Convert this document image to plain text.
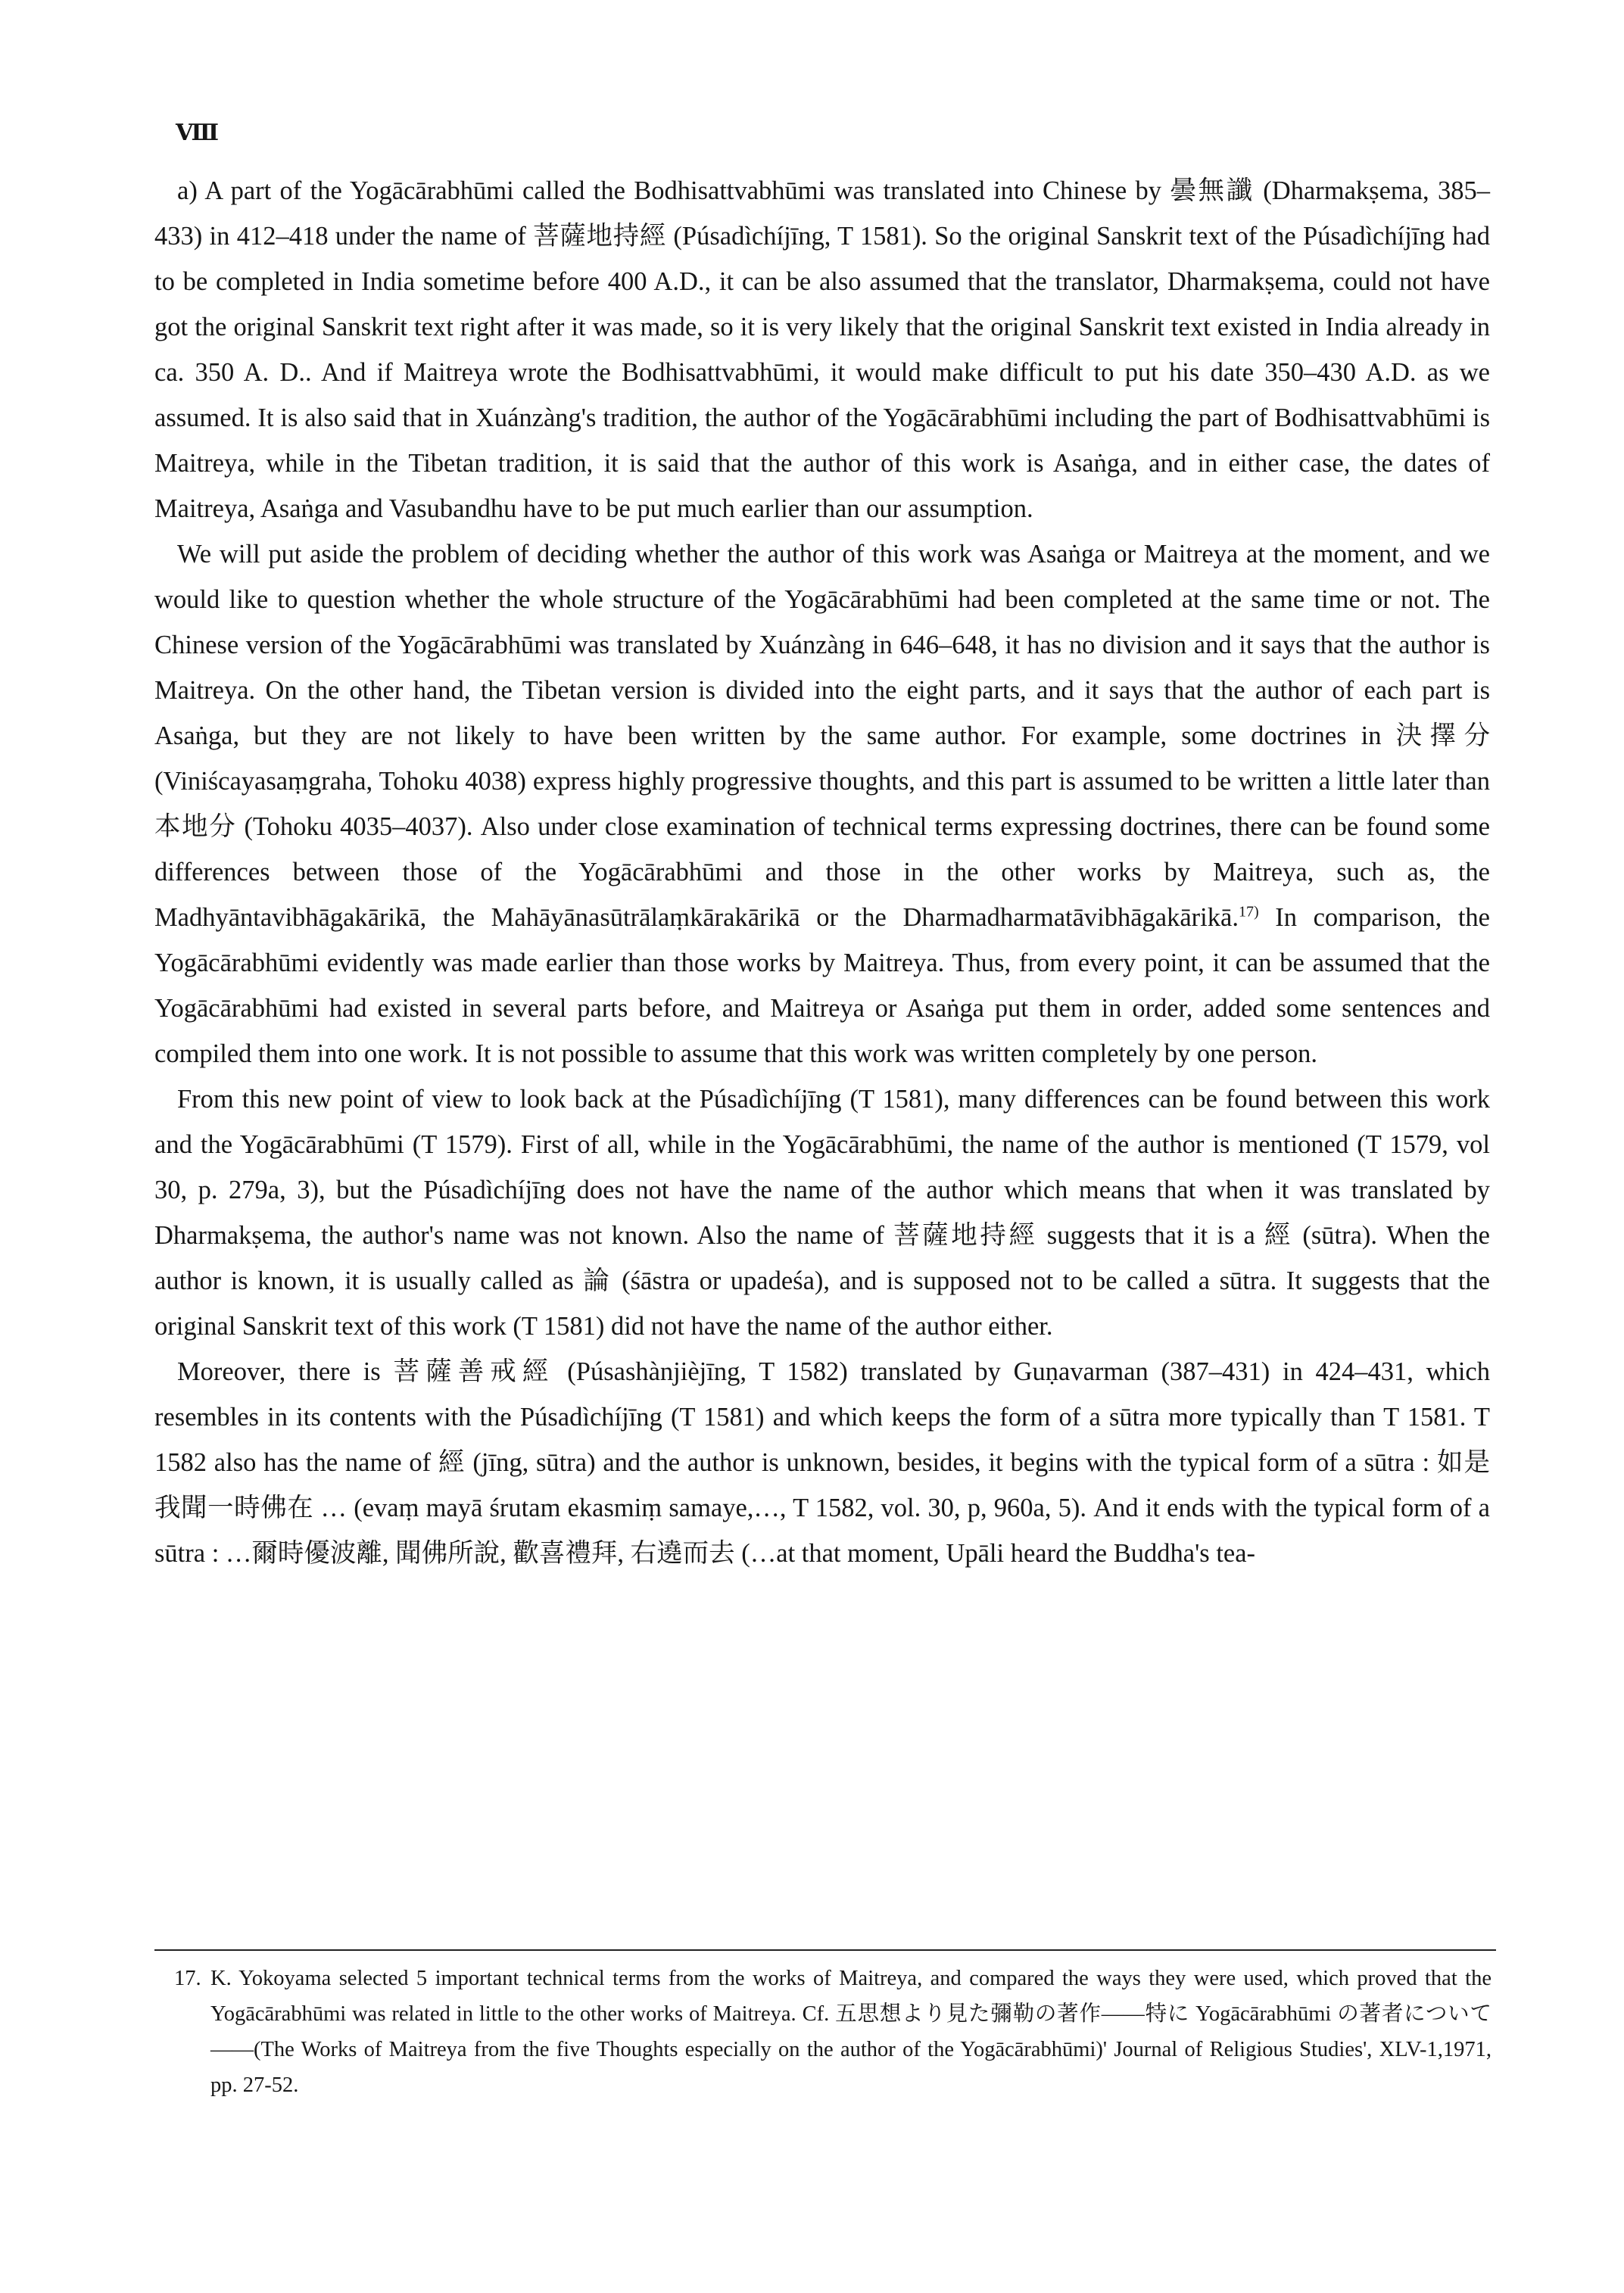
Ⅷ

a) A part of the Yogācārabhūmi called the Bodhisattvabhūmi was translated into Chinese by 曇無讖 (Dharmakṣema, 385–433) in 412–418 under the name of 菩薩地持經 (Púsadìchíjīng, T 1581). So the original Sanskrit text of the Púsadìchíjīng had to be completed in India sometime before 400 A.D., it can be also assumed that the translator, Dharmakṣema, could not have got the original Sanskrit text right after it was made, so it is very likely that the original Sanskrit text existed in India already in ca. 350 A. D.. And if Maitreya wrote the Bodhisattvabhūmi, it would make difficult to put his date 350–430 A.D. as we assumed. It is also said that in Xuánzàng's tradition, the author of the Yogācārabhūmi including the part of Bodhisattvabhūmi is Maitreya, while in the Tibetan tradition, it is said that the author of this work is Asaṅga, and in either case, the dates of Maitreya, Asaṅga and Vasubandhu have to be put much earlier than our assumption.

We will put aside the problem of deciding whether the author of this work was Asaṅga or Maitreya at the moment, and we would like to question whether the whole structure of the Yogācārabhūmi had been completed at the same time or not. The Chinese version of the Yogācārabhūmi was translated by Xuánzàng in 646–648, it has no division and it says that the author is Maitreya. On the other hand, the Tibetan version is divided into the eight parts, and it says that the author of each part is Asaṅga, but they are not likely to have been written by the same author. For example, some doctrines in 決擇分 (Viniścayasaṃgraha, Tohoku 4038) express highly progressive thoughts, and this part is assumed to be written a little later than 本地分 (Tohoku 4035–4037). Also under close examination of technical terms expressing doctrines, there can be found some differences between those of the Yogācārabhūmi and those in the other works by Maitreya, such as, the Madhyāntavibhāgakārikā, the Mahāyānasūtrālaṃkārakārikā or the Dharmadharmatāvibhāgakārikā.$^{17)}$ In comparison, the Yogācārabhūmi evidently was made earlier than those works by Maitreya. Thus, from every point, it can be assumed that the Yogācārabhūmi had existed in several parts before, and Maitreya or Asaṅga put them in order, added some sentences and compiled them into one work. It is not possible to assume that this work was written completely by one person.

From this new point of view to look back at the Púsadìchíjīng (T 1581), many differences can be found between this work and the Yogācārabhūmi (T 1579). First of all, while in the Yogācārabhūmi, the name of the author is mentioned (T 1579, vol 30, p. 279a, 3), but the Púsadìchíjīng does not have the name of the author which means that when it was translated by Dharmakṣema, the author's name was not known. Also the name of 菩薩地持經 suggests that it is a 經 (sūtra). When the author is known, it is usually called as 論 (śāstra or upadeśa), and is supposed not to be called a sūtra. It suggests that the original Sanskrit text of this work (T 1581) did not have the name of the author either.

Moreover, there is 菩薩善戒經 (Púsashànjièjīng, T 1582) translated by Guṇavarman (387–431) in 424–431, which resembles in its contents with the Púsadìchíjīng (T 1581) and which keeps the form of a sūtra more typically than T 1581. T 1582 also has the name of 經 (jīng, sūtra) and the author is unknown, besides, it begins with the typical form of a sūtra : 如是我聞一時佛在 … (evaṃ mayā śrutam ekasmiṃ samaye,…, T 1582, vol. 30, p, 960a, 5). And it ends with the typical form of a sūtra : …爾時優波離, 聞佛所說, 歡喜禮拜, 右遶而去 (…at that moment, Upāli heard the Buddha's tea-

17. K. Yokoyama selected 5 important technical terms from the works of Maitreya, and compared the ways they were used, which proved that the Yogācārabhūmi was related in little to the other works of Maitreya. Cf. 五思想より見た彌勒の著作――特に Yogācārabhūmi の著者について――(The Works of Maitreya from the five Thoughts especially on the author of the Yogācārabhūmi)' Journal of Religious Studies', XLV-1,1971, pp. 27-52.
